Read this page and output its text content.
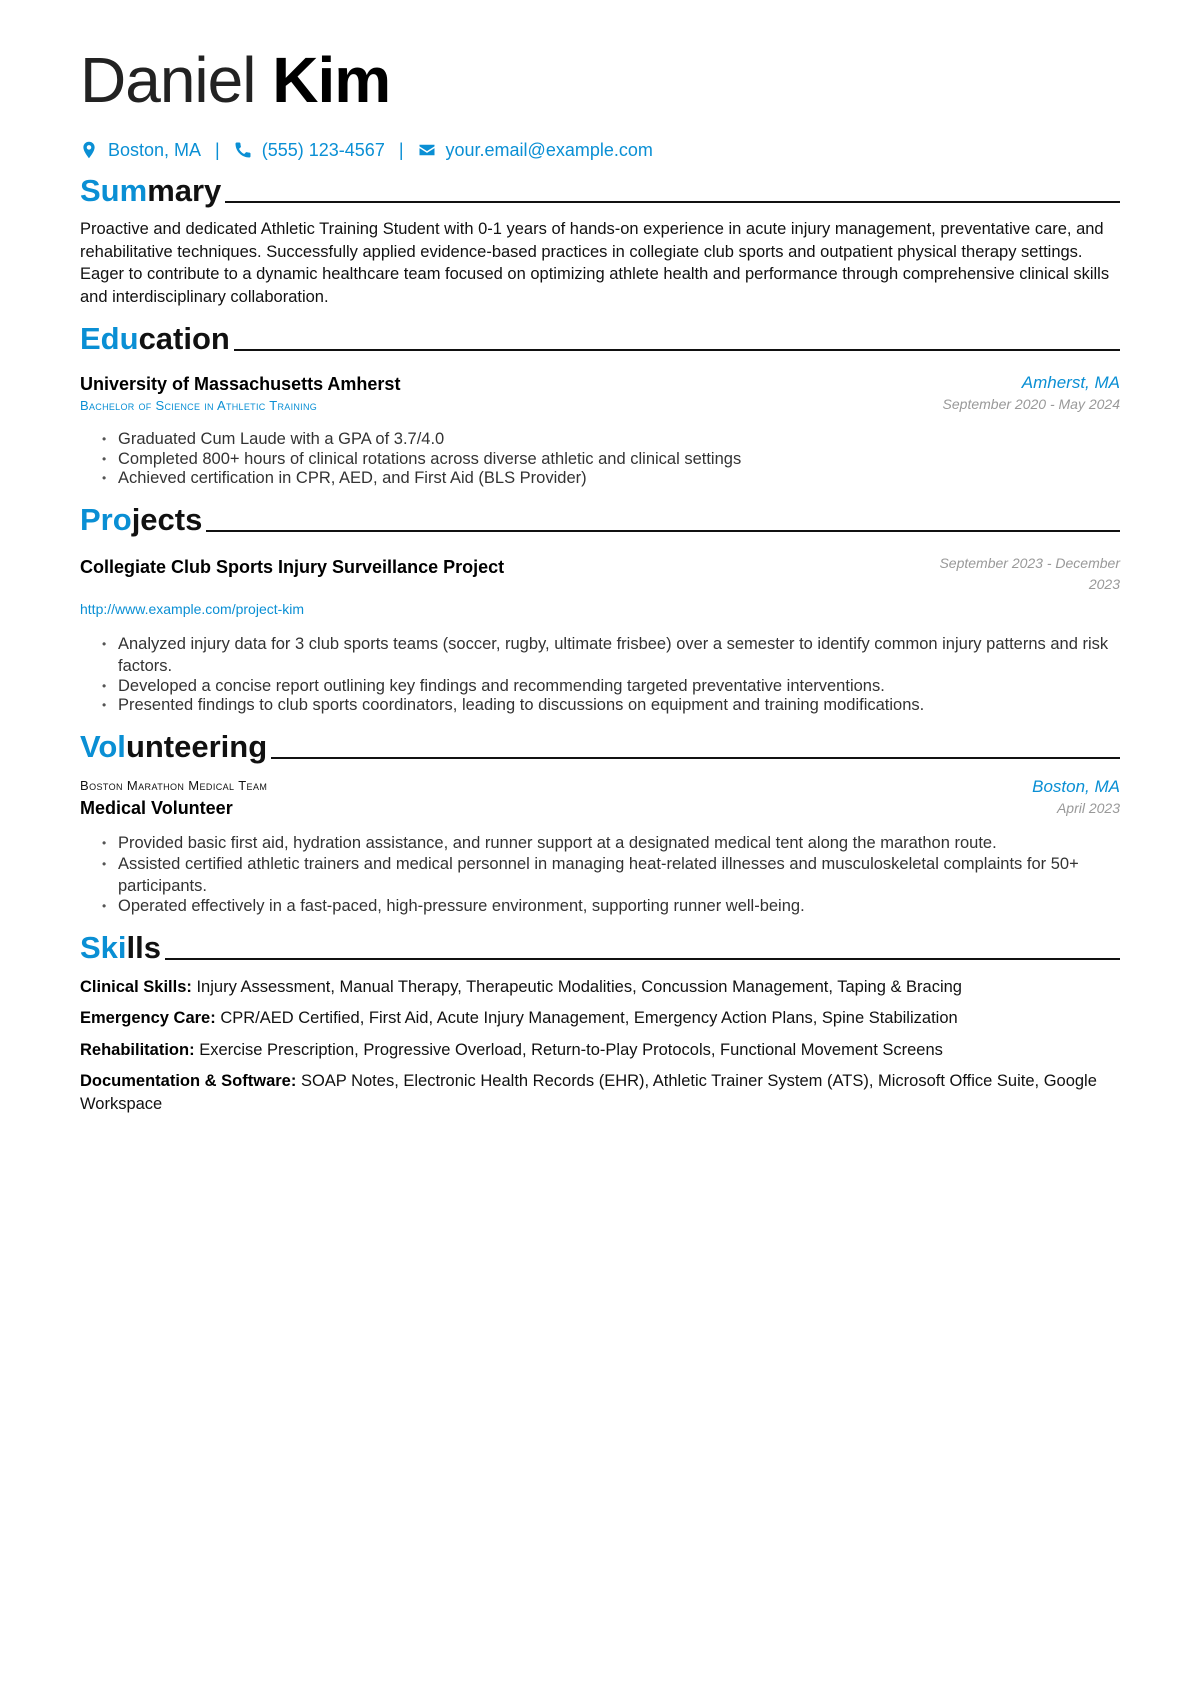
Daniel Kim
Boston, MA | (555) 123-4567 | your.email@example.com
Summary
Proactive and dedicated Athletic Training Student with 0-1 years of hands-on experience in acute injury management, preventative care, and rehabilitative techniques. Successfully applied evidence-based practices in collegiate club sports and outpatient physical therapy settings. Eager to contribute to a dynamic healthcare team focused on optimizing athlete health and performance through comprehensive clinical skills and interdisciplinary collaboration.
Education
University of Massachusetts Amherst
Bachelor of Science in Athletic Training
Amherst, MA
September 2020 - May 2024
• Graduated Cum Laude with a GPA of 3.7/4.0
• Completed 800+ hours of clinical rotations across diverse athletic and clinical settings
• Achieved certification in CPR, AED, and First Aid (BLS Provider)
Projects
Collegiate Club Sports Injury Surveillance Project	September 2023 - December
2023
http://www.example.com/project-kim
• Analyzed injury data for 3 club sports teams (soccer, rugby, ultimate frisbee) over a semester to identify common injury patterns and risk factors.
• Developed a concise report outlining key findings and recommending targeted preventative interventions.
• Presented findings to club sports coordinators, leading to discussions on equipment and training modifications.
Volunteering
Boston Marathon Medical Team
Medical Volunteer
Boston, MA
April 2023
• Provided basic first aid, hydration assistance, and runner support at a designated medical tent along the marathon route.
• Assisted certified athletic trainers and medical personnel in managing heat-related illnesses and musculoskeletal complaints for 50+ participants.
• Operated effectively in a fast-paced, high-pressure environment, supporting runner well-being.
Skills
Clinical Skills: Injury Assessment, Manual Therapy, Therapeutic Modalities, Concussion Management, Taping & Bracing
Emergency Care: CPR/AED Certified, First Aid, Acute Injury Management, Emergency Action Plans, Spine Stabilization
Rehabilitation: Exercise Prescription, Progressive Overload, Return-to-Play Protocols, Functional Movement Screens
Documentation & Software: SOAP Notes, Electronic Health Records (EHR), Athletic Trainer System (ATS), Microsoft Office Suite, Google Workspace
